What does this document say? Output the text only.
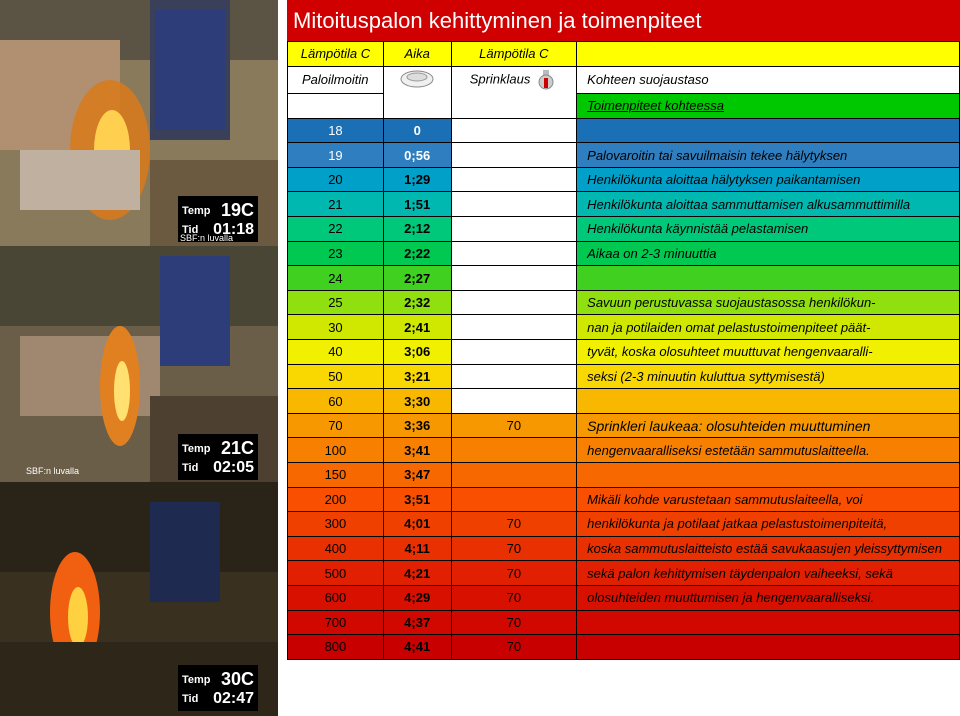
Temp 19C
Tid 01:18
SBF:n luvalla
Temp 21C
Tid 02:05
SBF:n luvalla
Temp 30C
Tid 02:47
Mitoituspalon kehittyminen ja toimenpiteet
Lämpötila C	Aika	Lämpötila C	
Paloilmoitin		Sprinklaus	Kohteen suojaustaso
			Toimenpiteet kohteessa
18	0		
19	0;56		Palovaroitin tai savuilmaisin tekee hälytyksen
20	1;29		Henkilökunta aloittaa hälytyksen paikantamisen
21	1;51		Henkilökunta aloittaa sammuttamisen alkusammuttimilla
22	2;12		Henkilökunta käynnistää pelastamisen
23	2;22		Aikaa on 2-3 minuuttia
24	2;27		
25	2;32		Savuun perustuvassa suojaustasossa henkilökun-
30	2;41		nan ja potilaiden omat pelastustoimenpiteet päät-
40	3;06		tyvät, koska olosuhteet muuttuvat hengenvaaralli-
50	3;21		seksi (2-3 minuutin kuluttua syttymisestä)
60	3;30		
70	3;36	70	Sprinkleri laukeaa: olosuhteiden muuttuminen
100	3;41		hengenvaaralliseksi estetään sammutuslaitteella.
150	3;47		
200	3;51		Mikäli kohde varustetaan sammutuslaiteella, voi
300	4;01	70	henkilökunta ja potilaat jatkaa pelastustoimenpiteitä,
400	4;11	70	koska sammutuslaitteisto estää savukaasujen yleissyttymisen
500	4;21	70	sekä palon kehittymisen täydenpalon vaiheeksi, sekä
600	4;29	70	olosuhteiden muuttumisen ja hengenvaaralliseksi.
700	4;37	70	
800	4;41	70	
